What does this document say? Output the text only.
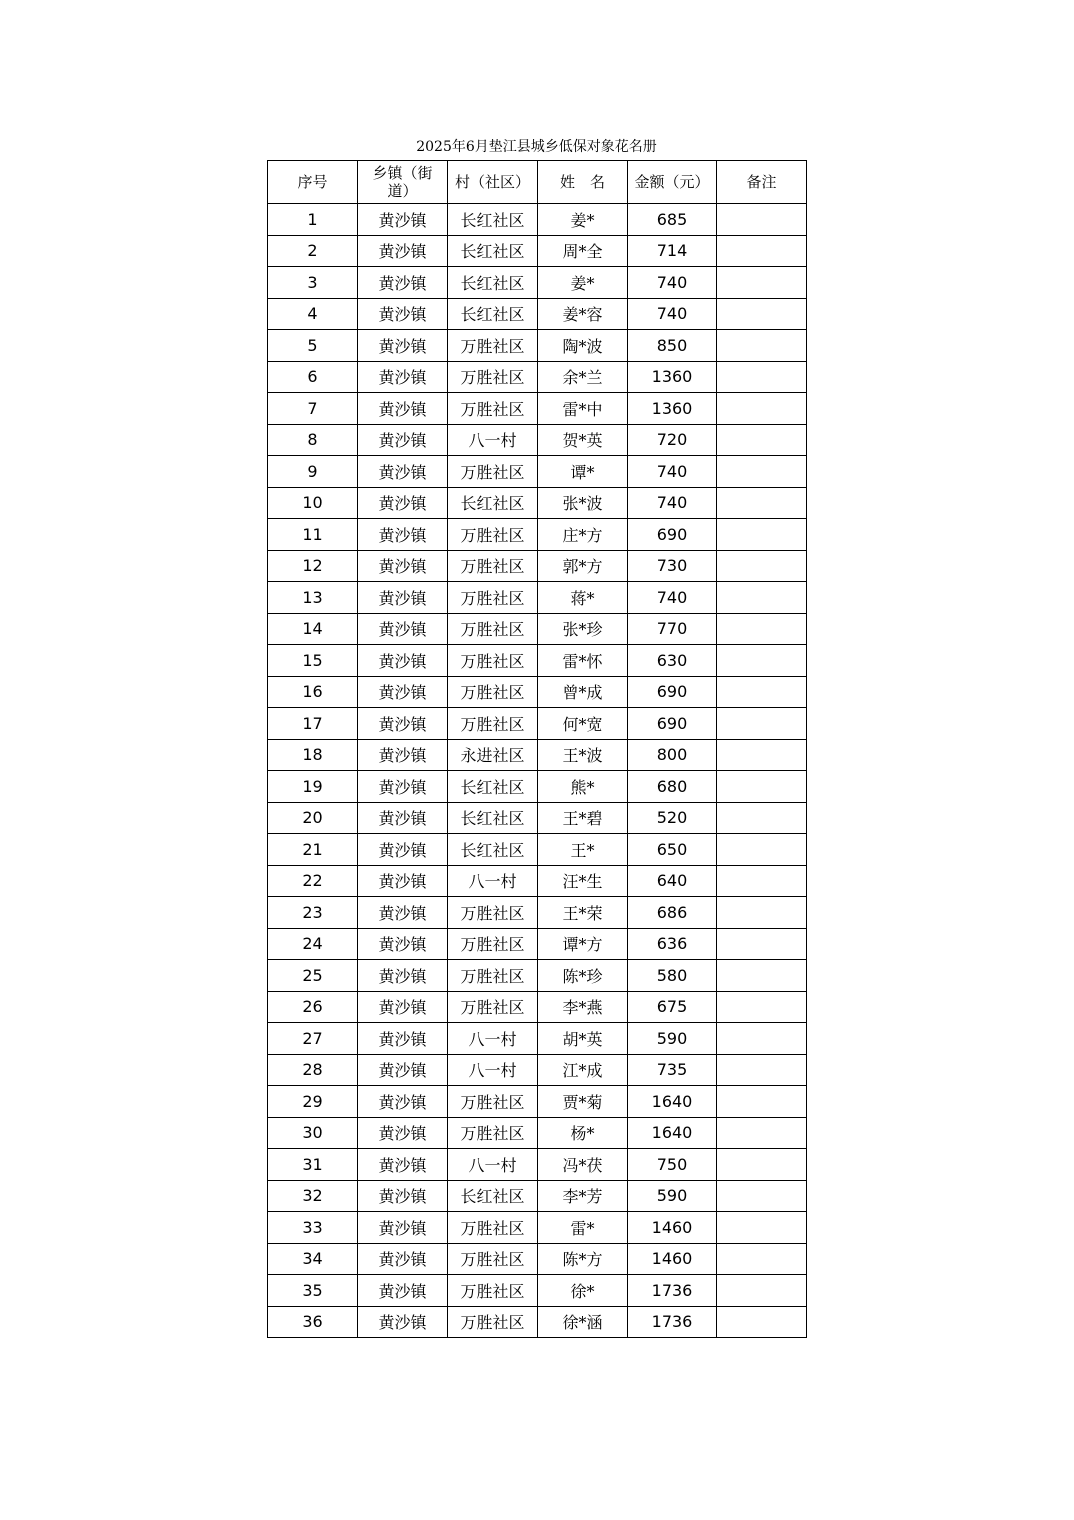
2025年6月垫江县城乡低保对象花名册
序号	乡镇（街道）	村（社区）	姓　名	金额（元）	备注
1	黄沙镇	长红社区	姜*	685	
2	黄沙镇	长红社区	周*全	714	
3	黄沙镇	长红社区	姜*	740	
4	黄沙镇	长红社区	姜*容	740	
5	黄沙镇	万胜社区	陶*波	850	
6	黄沙镇	万胜社区	余*兰	1360	
7	黄沙镇	万胜社区	雷*中	1360	
8	黄沙镇	八一村	贺*英	720	
9	黄沙镇	万胜社区	谭*	740	
10	黄沙镇	长红社区	张*波	740	
11	黄沙镇	万胜社区	庄*方	690	
12	黄沙镇	万胜社区	郭*方	730	
13	黄沙镇	万胜社区	蒋*	740	
14	黄沙镇	万胜社区	张*珍	770	
15	黄沙镇	万胜社区	雷*怀	630	
16	黄沙镇	万胜社区	曾*成	690	
17	黄沙镇	万胜社区	何*宽	690	
18	黄沙镇	永进社区	王*波	800	
19	黄沙镇	长红社区	熊*	680	
20	黄沙镇	长红社区	王*碧	520	
21	黄沙镇	长红社区	王*	650	
22	黄沙镇	八一村	汪*生	640	
23	黄沙镇	万胜社区	王*荣	686	
24	黄沙镇	万胜社区	谭*方	636	
25	黄沙镇	万胜社区	陈*珍	580	
26	黄沙镇	万胜社区	李*燕	675	
27	黄沙镇	八一村	胡*英	590	
28	黄沙镇	八一村	江*成	735	
29	黄沙镇	万胜社区	贾*菊	1640	
30	黄沙镇	万胜社区	杨*	1640	
31	黄沙镇	八一村	冯*茯	750	
32	黄沙镇	长红社区	李*芳	590	
33	黄沙镇	万胜社区	雷*	1460	
34	黄沙镇	万胜社区	陈*方	1460	
35	黄沙镇	万胜社区	徐*	1736	
36	黄沙镇	万胜社区	徐*涵	1736	
